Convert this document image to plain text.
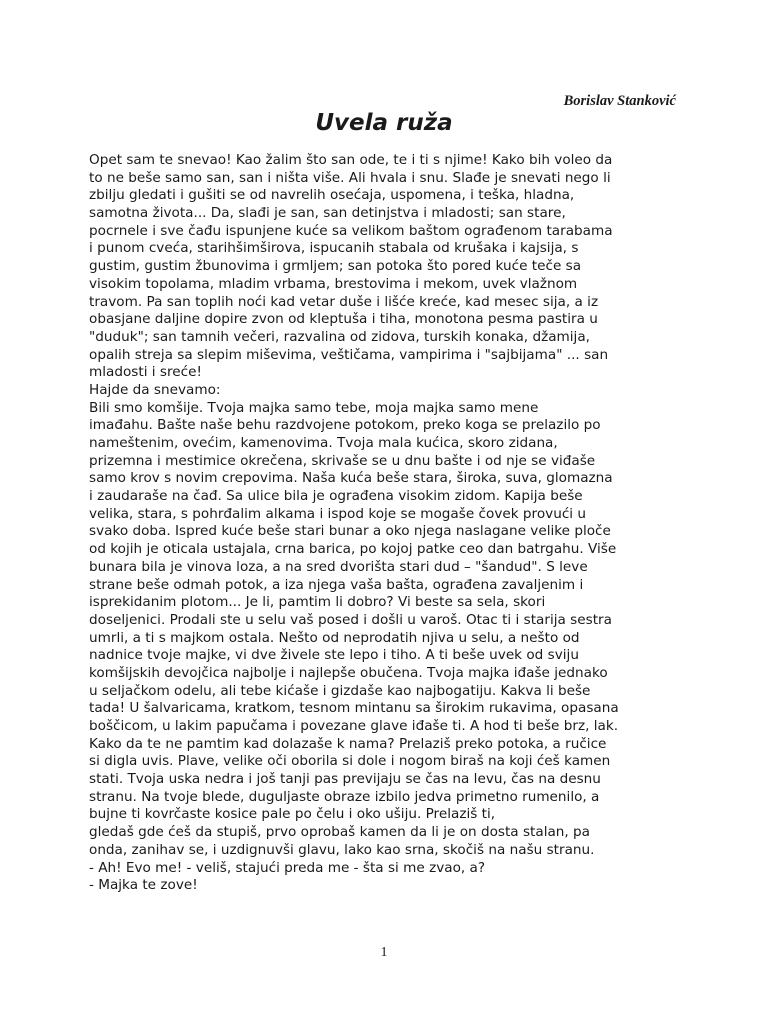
Borislav Stanković
Uvela ruža
Opet sam te snevao! Kao žalim što san ode, te i ti s njime! Kako bih voleo da
to ne beše samo san, san i ništa više. Ali hvala i snu. Slađe je snevati nego li
zbilju gledati i gušiti se od navrelih osećaja, uspomena, i teška, hladna,
samotna života... Da, slađi je san, san detinjstva i mladosti; san stare,
pocrnele i sve čađu ispunjene kuće sa velikom baštom ograđenom tarabama
i punom cveća, starihšimširova, ispucanih stabala od krušaka i kajsija, s
gustim, gustim žbunovima i grmljem; san potoka što pored kuće teče sa
visokim topolama, mladim vrbama, brestovima i mekom, uvek vlažnom
travom. Pa san toplih noći kad vetar duše i lišće kreće, kad mesec sija, a iz
obasjane daljine dopire zvon od kleptuša i tiha, monotona pesma pastira u
"duduk"; san tamnih večeri, razvalina od zidova, turskih konaka, džamija,
opalih streja sa slepim miševima, veštičama, vampirima i "sajbijama" ... san
mladosti i sreće!
Hajde da snevamo:
Bili smo komšije. Tvoja majka samo tebe, moja majka samo mene
imađahu. Bašte naše behu razdvojene potokom, preko koga se prelazilo po
nameštenim, ovećim, kamenovima. Tvoja mala kućica, skoro zidana,
prizemna i mestimice okrečena, skrivaše se u dnu bašte i od nje se viđaše
samo krov s novim crepovima. Naša kuća beše stara, široka, suva, glomazna
i zaudaraše na čađ. Sa ulice bila je ograđena visokim zidom. Kapija beše
velika, stara, s pohrđalim alkama i ispod koje se mogaše čovek provući u
svako doba. Ispred kuće beše stari bunar a oko njega naslagane velike ploče
od kojih je oticala ustajala, crna barica, po kojoj patke ceo dan batrgahu. Više
bunara bila je vinova loza, a na sred dvorišta stari dud – "šandud". S leve
strane beše odmah potok, a iza njega vaša bašta, ograđena zavaljenim i
isprekidanim plotom... Je li, pamtim li dobro? Vi beste sa sela, skori
doseljenici. Prodali ste u selu vaš posed i došli u varoš. Otac ti i starija sestra
umrli, a ti s majkom ostala. Nešto od neprodatih njiva u selu, a nešto od
nadnice tvoje majke, vi dve živele ste lepo i tiho. A ti beše uvek od sviju
komšijskih devojčica najbolje i najlepše obučena. Tvoja majka iđaše jednako
u seljačkom odelu, ali tebe kićaše i gizdaše kao najbogatiju. Kakva li beše
tada! U šalvaricama, kratkom, tesnom mintanu sa širokim rukavima, opasana
boščicom, u lakim papučama i povezane glave iđaše ti. A hod ti beše brz, lak.
Kako da te ne pamtim kad dolazaše k nama? Prelaziš preko potoka, a ručice
si digla uvis. Plave, velike oči oborila si dole i nogom biraš na koji ćeš kamen
stati. Tvoja uska nedra i još tanji pas previjaju se čas na levu, čas na desnu
stranu. Na tvoje blede, duguljaste obraze izbilo jedva primetno rumenilo, a
bujne ti kovrčaste kosice pale po čelu i oko ušiju. Prelaziš ti,
gledaš gde ćeš da stupiš, prvo oprobaš kamen da li je on dosta stalan, pa
onda, zanihav se, i uzdignuvši glavu, lako kao srna, skočiš na našu stranu.
- Ah! Evo me! - veliš, stajući preda me - šta si me zvao, a?
- Majka te zove!
1
